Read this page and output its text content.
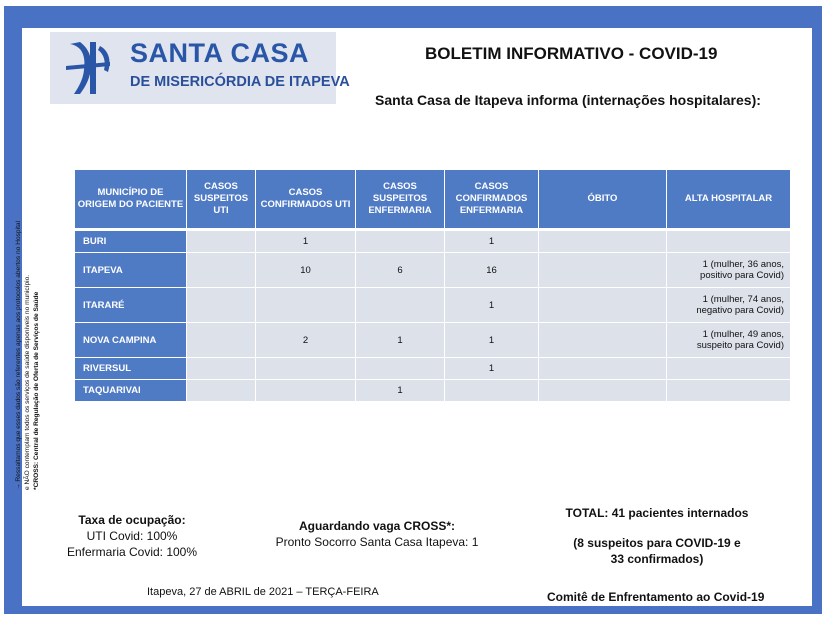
SANTA CASA
DE MISERICÓRDIA DE ITAPEVA
BOLETIM INFORMATIVO - COVID-19
Santa Casa de Itapeva informa (internações hospitalares):
→ Ressaltamos que esses dados são referentes apenas aos protocolos abertos no Hospital e NÃO contemplam todos os serviços de saúde disponíveis no município. *CROSS: Central de Regulação de Oferta de Serviços de Saúde
MUNICÍPIO DE ORIGEM DO PACIENTE	CASOS SUSPEITOS UTI	CASOS CONFIRMADOS UTI	CASOS SUSPEITOS ENFERMARIA	CASOS CONFIRMADOS ENFERMARIA	ÓBITO	ALTA HOSPITALAR
BURI		1		1		
ITAPEVA		10	6	16		1 (mulher, 36 anos, positivo para Covid)
ITARARÉ				1		1 (mulher, 74 anos, negativo para Covid)
NOVA CAMPINA		2	1	1		1 (mulher, 49 anos, suspeito para Covid)
RIVERSUL				1		
TAQUARIVAI			1			
Taxa de ocupação:
UTI Covid: 100%
Enfermaria Covid: 100%
Aguardando vaga CROSS*:
Pronto Socorro Santa Casa Itapeva: 1
TOTAL: 41 pacientes internados
(8 suspeitos para COVID-19 e
33 confirmados)
Itapeva, 27 de ABRIL de 2021 – TERÇA-FEIRA	Comitê de Enfrentamento ao Covid-19
